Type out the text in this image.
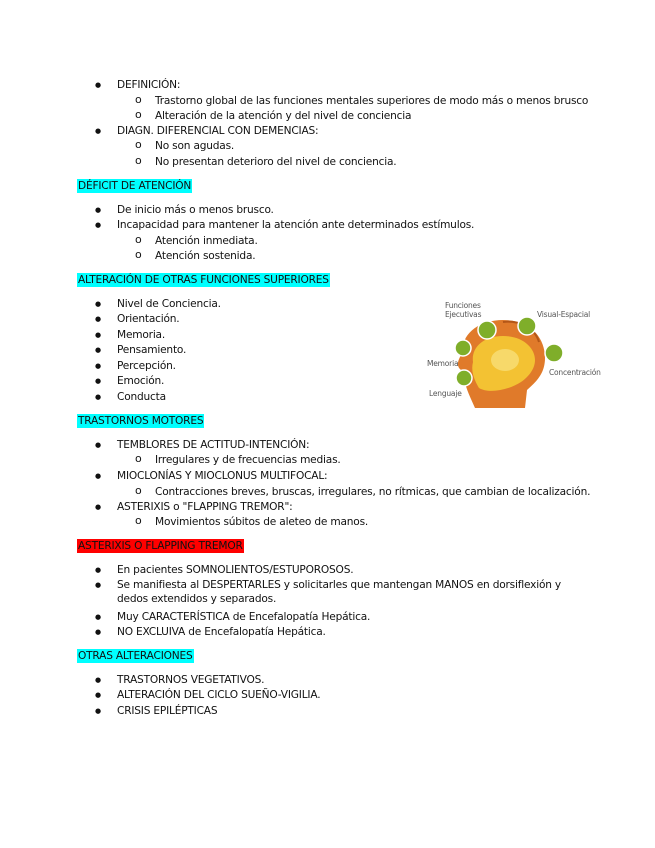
● DEFINICIÓN:
o Trastorno global de las funciones mentales superiores de modo más o menos brusco
o Alteración de la atención y del nivel de conciencia
● DIAGN. DIFERENCIAL CON DEMENCIAS:
o No son agudas.
o No presentan deterioro del nivel de conciencia.
DÉFICIT DE ATENCIÓN
● De inicio más o menos brusco.
● Incapacidad para mantener la atención ante determinados estímulos.
o Atención inmediata.
o Atención sostenida.
ALTERACIÓN DE OTRAS FUNCIONES SUPERIORES
● Nivel de Conciencia.
● Orientación.
● Memoria.
● Pensamiento.
● Percepción.
● Emoción.
● Conducta
Funciones
Ejecutivas	Visual-Espacial
Memoria
Concentración
Lenguaje
TRASTORNOS MOTORES
● TEMBLORES DE ACTITUD-INTENCIÓN:
o Irregulares y de frecuencias medias.
● MIOCLONÍAS Y MIOCLONUS MULTIFOCAL:
o Contracciones breves, bruscas, irregulares, no rítmicas, que cambian de localización.
● ASTERIXIS o "FLAPPING TREMOR":
o Movimientos súbitos de aleteo de manos.
ASTERIXIS O FLAPPING TREMOR
● En pacientes SOMNOLIENTOS/ESTUPOROSOS.
● Se manifiesta al DESPERTARLES y solicitarles que mantengan MANOS en dorsiflexión y dedos extendidos y separados.
● Muy CARACTERÍSTICA de Encefalopatía Hepática.
● NO EXCLUIVA de Encefalopatía Hepática.
OTRAS ALTERACIONES
● TRASTORNOS VEGETATIVOS.
● ALTERACIÓN DEL CICLO SUEÑO-VIGILIA.
● CRISIS EPILÉPTICAS
